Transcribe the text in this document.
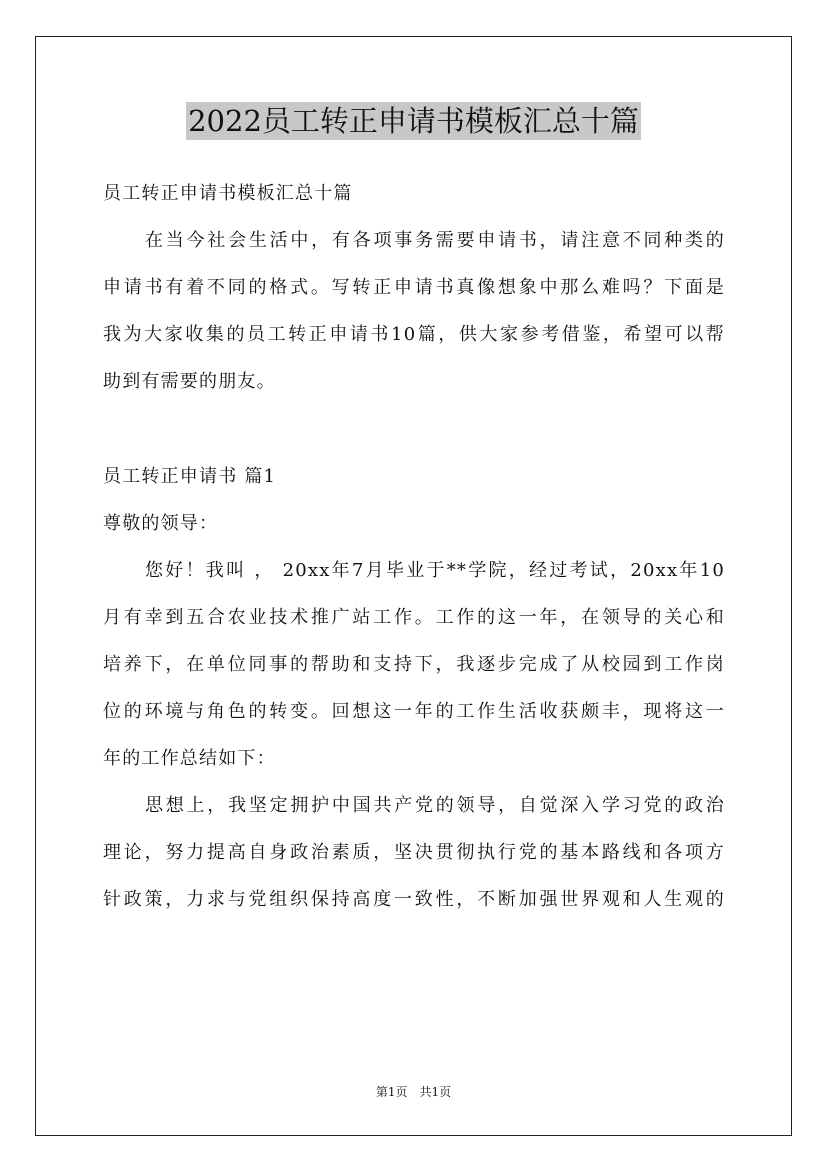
2022员工转正申请书模板汇总十篇
员工转正申请书模板汇总十篇
在当今社会生活中，有各项事务需要申请书，请注意不同种类的
申请书有着不同的格式。写转正申请书真像想象中那么难吗？下面是
我为大家收集的员工转正申请书10篇，供大家参考借鉴，希望可以帮
助到有需要的朋友。
员工转正申请书 篇1
尊敬的领导：
您好！我叫 ， 20xx年7月毕业于**学院，经过考试，20xx年10
月有幸到五合农业技术推广站工作。工作的这一年，在领导的关心和
培养下，在单位同事的帮助和支持下，我逐步完成了从校园到工作岗
位的环境与角色的转变。回想这一年的工作生活收获颇丰，现将这一
年的工作总结如下：
思想上，我坚定拥护中国共产党的领导，自觉深入学习党的政治
理论，努力提高自身政治素质，坚决贯彻执行党的基本路线和各项方
针政策，力求与党组织保持高度一致性，不断加强世界观和人生观的
第1页　共1页
